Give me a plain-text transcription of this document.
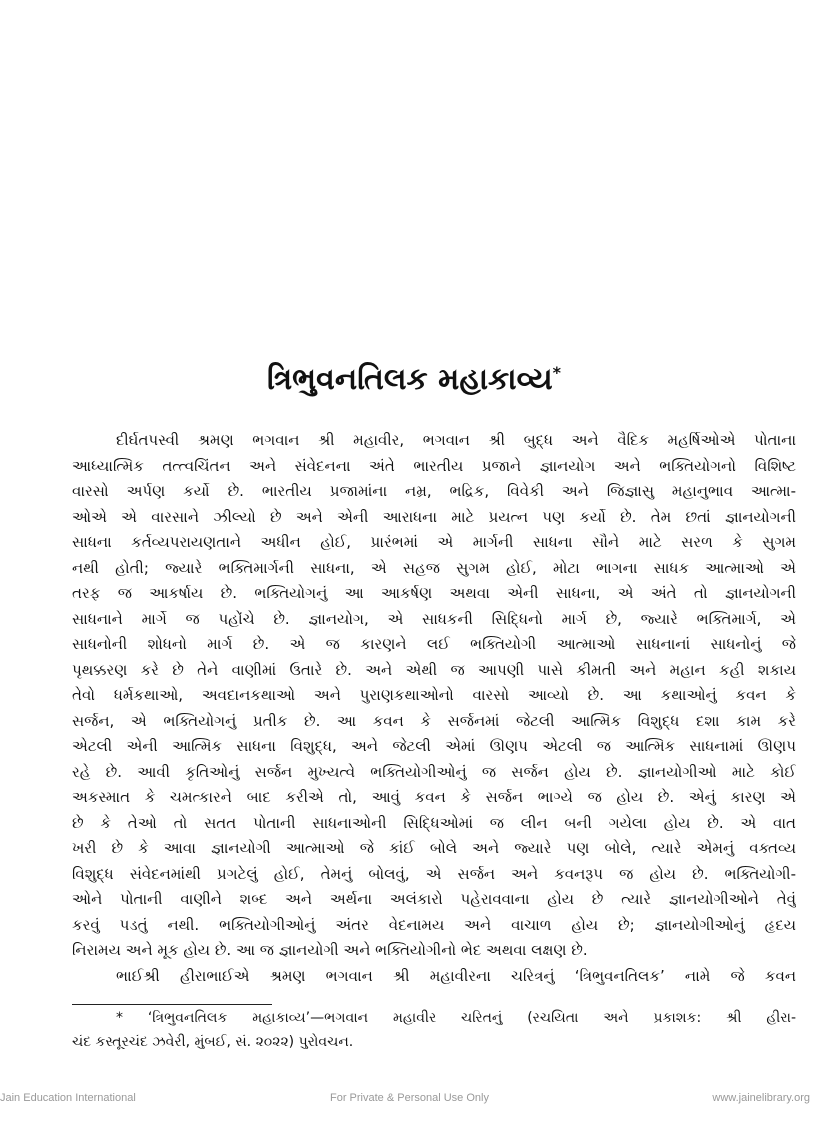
ત્રિભુવનતિલક મહાકાવ્ય*
દીર્ઘતપસ્વી શ્રમણ ભગવાન શ્રી મહાવીર, ભગવાન શ્રી બુદ્ધ અને વૈદિક મહર્ષિઓએ પોતાના
આધ્યાત્મિક તત્ત્વચિંતન અને સંવેદનના અંતે ભારતીય પ્રજાને જ્ઞાનયોગ અને ભક્તિયોગનો વિશિષ્ટ
વારસો અર્પણ કર્યો છે. ભારતીય પ્રજામાંના નમ્ર, ભદ્રિક, વિવેકી અને જિજ્ઞાસુ મહાનુભાવ આત્મા-
ઓએ એ વારસાને ઝીલ્યો છે અને એની આરાધના માટે પ્રયત્ન પણ કર્યો છે. તેમ છતાં જ્ઞાનયોગની
સાધના કર્તવ્યપરાયણતાને અધીન હોઈ, પ્રારંભમાં એ માર્ગની સાધના સૌને માટે સરળ કે સુગમ
નથી હોતી; જ્યારે ભક્તિમાર્ગની સાધના, એ સહજ સુગમ હોઈ, મોટા ભાગના સાધક આત્માઓ એ
તરફ જ આકર્ષાય છે. ભક્તિયોગનું આ આકર્ષણ અથવા એની સાધના, એ અંતે તો જ્ઞાનયોગની
સાધનાને માર્ગે જ પહોંચે છે. જ્ઞાનયોગ, એ સાધકની સિદ્ધિનો માર્ગ છે, જ્યારે ભક્તિમાર્ગ, એ
સાધનોની શોધનો માર્ગ છે. એ જ કારણને લઈ ભક્તિયોગી આત્માઓ સાધનાનાં સાધનોનું જે
પૃથક્કરણ કરે છે તેને વાણીમાં ઉતારે છે. અને એથી જ આપણી પાસે કીમતી અને મહાન કહી શકાય
તેવો ધર્મકથાઓ, અવદાનકથાઓ અને પુરાણકથાઓનો વારસો આવ્યો છે. આ કથાઓનું કવન કે
સર્જન, એ ભક્તિયોગનું પ્રતીક છે. આ કવન કે સર્જનમાં જેટલી આત્મિક વિશુદ્ધ દશા કામ કરે
એટલી એની આત્મિક સાધના વિશુદ્ધ, અને જેટલી એમાં ઊણપ એટલી જ આત્મિક સાધનામાં ઊણપ
રહે છે. આવી કૃતિઓનું સર્જન મુખ્યત્વે ભક્તિયોગીઓનું જ સર્જન હોય છે. જ્ઞાનયોગીઓ માટે કોઈ
અકસ્માત કે ચમત્કારને બાદ કરીએ તો, આવું કવન કે સર્જન ભાગ્યે જ હોય છે. એનું કારણ એ
છે કે તેઓ તો સતત પોતાની સાધનાઓની સિદ્ધિઓમાં જ લીન બની ગયેલા હોય છે. એ વાત
ખરી છે કે આવા જ્ઞાનયોગી આત્માઓ જે કાંઈ બોલે અને જ્યારે પણ બોલે, ત્યારે એમનું વક્તવ્ય
વિશુદ્ધ સંવેદનમાંથી પ્રગટેલું હોઈ, તેમનું બોલવું, એ સર્જન અને કવનરૂપ જ હોય છે. ભક્તિયોગી-
ઓને પોતાની વાણીને શબ્દ અને અર્થના અલંકારો પહેરાવવાના હોય છે ત્યારે જ્ઞાનયોગીઓને તેવું
કરવું પડતું નથી. ભક્તિયોગીઓનું અંતર વેદનામય અને વાચાળ હોય છે; જ્ઞાનયોગીઓનું હૃદય
નિરામય અને મૂક હોય છે. આ જ જ્ઞાનયોગી અને ભક્તિયોગીનો ભેદ અથવા લક્ષણ છે.
ભાઈશ્રી હીરાભાઈએ શ્રમણ ભગવાન શ્રી મહાવીરના ચરિત્રનું ‘ત્રિભુવનતિલક’ નામે જે કવન
* ‘ત્રિભુવનતિલક મહાકાવ્ય’—ભગવાન મહાવીર ચરિતનું (રચયિતા અને પ્રકાશક: શ્રી હીરા-
ચંદ કસ્તૂરચંદ ઝવેરી, મુંબઈ, સં. ૨૦૨૨) પુરોવચન.
Jain Education International	For Private & Personal Use Only	www.jainelibrary.org
